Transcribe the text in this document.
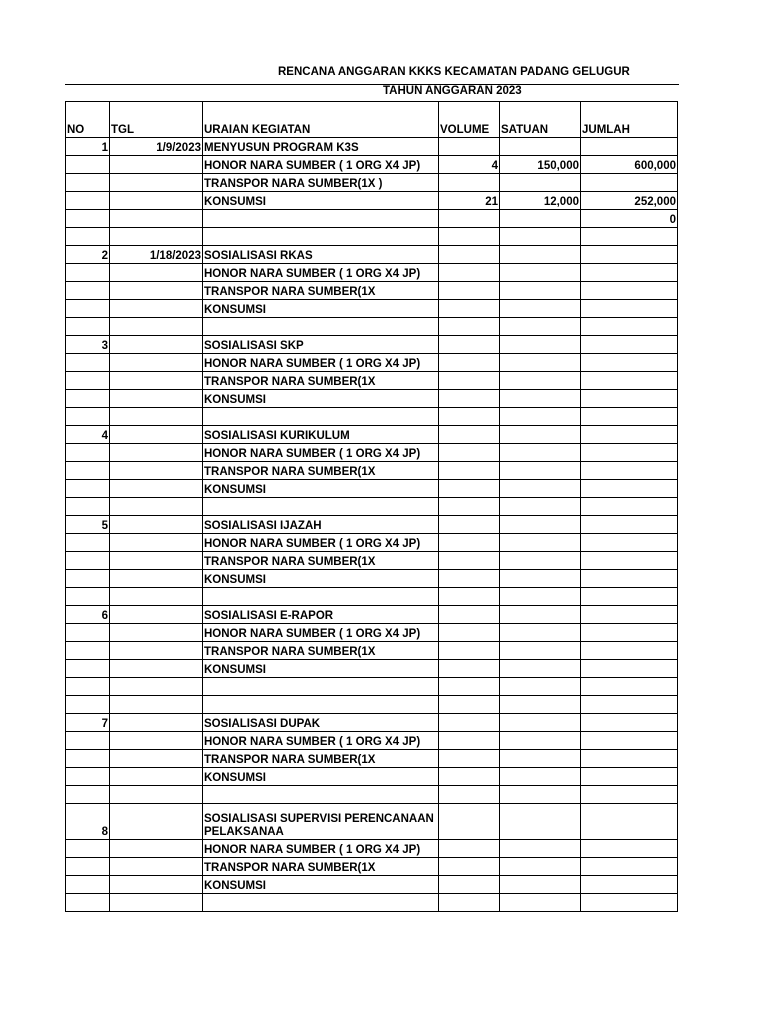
RENCANA ANGGARAN KKKS KECAMATAN PADANG GELUGUR
TAHUN ANGGARAN 2023
NO	TGL	URAIAN KEGIATAN	VOLUME	SATUAN	JUMLAH
1	1/9/2023	MENYUSUN PROGRAM K3S			
		HONOR NARA SUMBER ( 1 ORG X4 JP)	4	150,000	600,000
		TRANSPOR NARA SUMBER(1X )			
		KONSUMSI	21	12,000	252,000
					0

2	1/18/2023	SOSIALISASI RKAS			
		HONOR NARA SUMBER ( 1 ORG X4 JP)			
		TRANSPOR NARA SUMBER(1X			
		KONSUMSI			

3		SOSIALISASI SKP			
		HONOR NARA SUMBER ( 1 ORG X4 JP)			
		TRANSPOR NARA SUMBER(1X			
		KONSUMSI			

4		SOSIALISASI KURIKULUM			
		HONOR NARA SUMBER ( 1 ORG X4 JP)			
		TRANSPOR NARA SUMBER(1X			
		KONSUMSI			

5		SOSIALISASI IJAZAH			
		HONOR NARA SUMBER ( 1 ORG X4 JP)			
		TRANSPOR NARA SUMBER(1X			
		KONSUMSI			

6		SOSIALISASI E-RAPOR			
		HONOR NARA SUMBER ( 1 ORG X4 JP)			
		TRANSPOR NARA SUMBER(1X			
		KONSUMSI			

7		SOSIALISASI DUPAK			
		HONOR NARA SUMBER ( 1 ORG X4 JP)			
		TRANSPOR NARA SUMBER(1X			
		KONSUMSI			

8		SOSIALISASI SUPERVISI PERENCANAAN PELAKSANAA			
		HONOR NARA SUMBER ( 1 ORG X4 JP)			
		TRANSPOR NARA SUMBER(1X			
		KONSUMSI			
